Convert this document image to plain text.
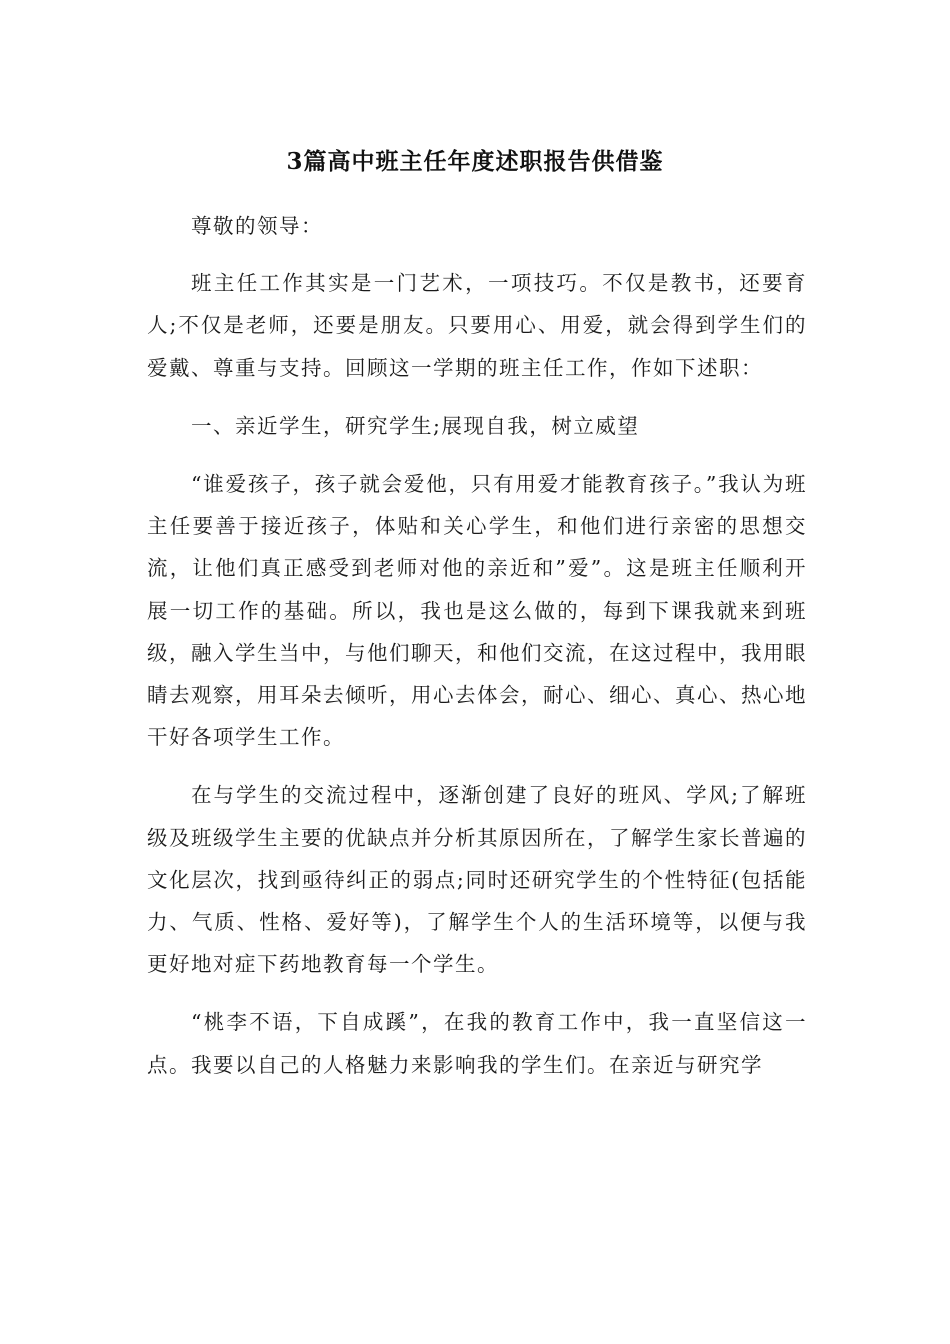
3篇高中班主任年度述职报告供借鉴

尊敬的领导：

班主任工作其实是一门艺术，一项技巧。不仅是教书，还要育人;不仅是老师，还要是朋友。只要用心、用爱，就会得到学生们的爱戴、尊重与支持。回顾这一学期的班主任工作，作如下述职：

一、亲近学生，研究学生;展现自我，树立威望

“谁爱孩子，孩子就会爱他，只有用爱才能教育孩子。”我认为班主任要善于接近孩子，体贴和关心学生，和他们进行亲密的思想交流，让他们真正感受到老师对他的亲近和”爱”。这是班主任顺利开展一切工作的基础。所以，我也是这么做的，每到下课我就来到班级，融入学生当中，与他们聊天，和他们交流，在这过程中，我用眼睛去观察，用耳朵去倾听，用心去体会，耐心、细心、真心、热心地干好各项学生工作。

在与学生的交流过程中，逐渐创建了良好的班风、学风;了解班级及班级学生主要的优缺点并分析其原因所在，了解学生家长普遍的文化层次，找到亟待纠正的弱点;同时还研究学生的个性特征(包括能力、气质、性格、爱好等)，了解学生个人的生活环境等，以便与我更好地对症下药地教育每一个学生。

“桃李不语，下自成蹊”，在我的教育工作中，我一直坚信这一点。我要以自己的人格魅力来影响我的学生们。在亲近与研究学
